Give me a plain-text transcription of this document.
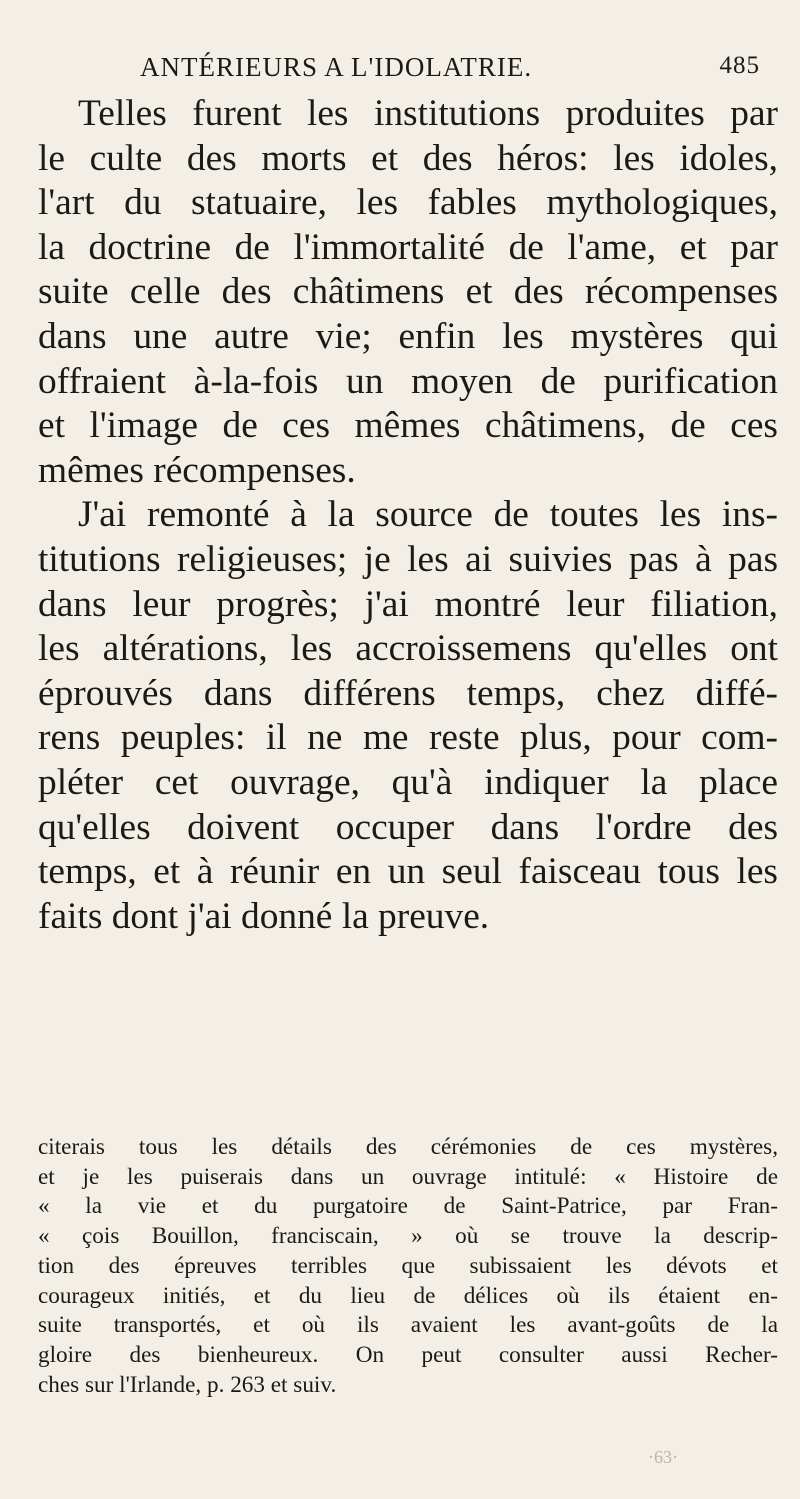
ANTÉRIEURS A L'IDOLATRIE.	485
Telles furent les institutions produites par
le culte des morts et des héros: les idoles,
l'art du statuaire, les fables mythologiques,
la doctrine de l'immortalité de l'ame, et par
suite celle des châtimens et des récompenses
dans une autre vie; enfin les mystères qui
offraient à-la-fois un moyen de purification
et l'image de ces mêmes châtimens, de ces
mêmes récompenses.
J'ai remonté à la source de toutes les ins-
titutions religieuses; je les ai suivies pas à pas
dans leur progrès; j'ai montré leur filiation,
les altérations, les accroissemens qu'elles ont
éprouvés dans différens temps, chez diffé-
rens peuples: il ne me reste plus, pour com-
pléter cet ouvrage, qu'à indiquer la place
qu'elles doivent occuper dans l'ordre des
temps, et à réunir en un seul faisceau tous les
faits dont j'ai donné la preuve.
citerais tous les détails des cérémonies de ces mystères,
et je les puiserais dans un ouvrage intitulé: « Histoire de
« la vie et du purgatoire de Saint-Patrice, par Fran-
« çois Bouillon, franciscain, » où se trouve la descrip-
tion des épreuves terribles que subissaient les dévots et
courageux initiés, et du lieu de délices où ils étaient en-
suite transportés, et où ils avaient les avant-goûts de la
gloire des bienheureux. On peut consulter aussi Recher-
ches sur l'Irlande, p. 263 et suiv.
·63·
